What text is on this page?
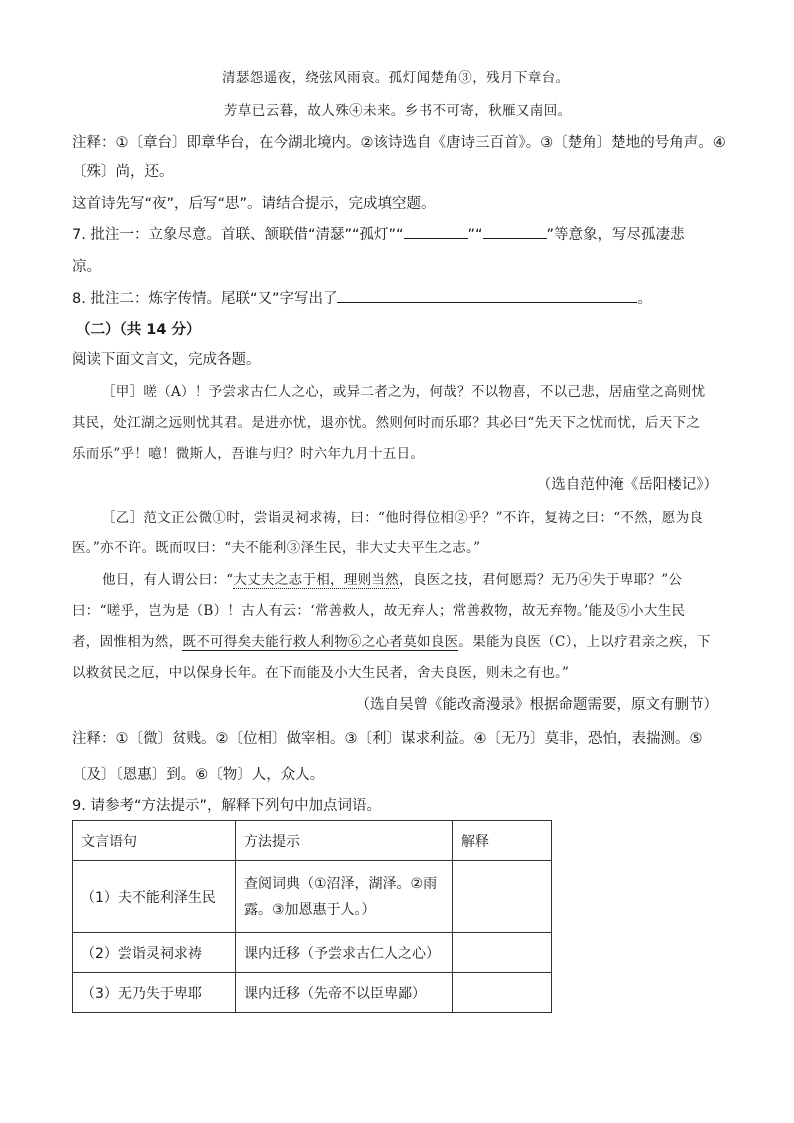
清瑟怨遥夜，绕弦风雨哀。孤灯闻楚角③，残月下章台。
芳草已云暮，故人殊④未来。乡书不可寄，秋雁又南回。
注释：①〔章台〕即章华台，在今湖北境内。②该诗选自《唐诗三百首》。③〔楚角〕楚地的号角声。④
〔殊〕尚，还。
这首诗先写“夜”，后写“思”。请结合提示，完成填空题。
7. 批注一：立象尽意。首联、颔联借“清瑟”“孤灯”“	”“	”等意象，写尽孤凄悲
凉。
8. 批注二：炼字传情。尾联“又”字写出了	。
（二）（共 14 分）
阅读下面文言文，完成各题。
［甲］嗟（A）！予尝求古仁人之心，或异二者之为，何哉？不以物喜，不以己悲，居庙堂之高则忧
其民，处江湖之远则忧其君。是进亦忧，退亦忧。然则何时而乐耶？其必曰“先天下之忧而忧，后天下之
乐而乐”乎！噫！微斯人，吾谁与归？时六年九月十五日。
（选自范仲淹《岳阳楼记》）
［乙］范文正公微①时，尝诣灵祠求祷，曰：“他时得位相②乎？”不许，复祷之曰：“不然，愿为良
医。”亦不许。既而叹曰：“夫不能利③泽生民，非大丈夫平生之志。”
他日，有人谓公曰：“大丈夫之志于相，理则当然，良医之技，君何愿焉？无乃④失于卑耶？”公
曰：“嗟乎，岂为是（B）！古人有云：‘常善救人，故无弃人；常善救物，故无弃物。’能及⑤小大生民
者，固惟相为然，既不可得矣夫能行救人利物⑥之心者莫如良医。果能为良医（C），上以疗君亲之疾，下
以救贫民之厄，中以保身长年。在下而能及小大生民者，舍夫良医，则未之有也。”
（选自吴曾《能改斋漫录》根据命题需要，原文有删节）
注释：①〔微〕贫贱。②〔位相〕做宰相。③〔利〕谋求利益。④〔无乃〕莫非，恐怕，表揣测。⑤
〔及〕〔恩惠〕到。⑥〔物〕人，众人。
9. 请参考“方法提示”，解释下列句中加点词语。
文言语句	方法提示	解释
（1）夫不能利泽生民	查阅词典（①沼泽，湖泽。②雨
露。③加恩惠于人。）	

（2）尝诣灵祠求祷	课内迁移（予尝求古仁人之心）	
（3）无乃失于卑耶	课内迁移（先帝不以臣卑鄙）	
